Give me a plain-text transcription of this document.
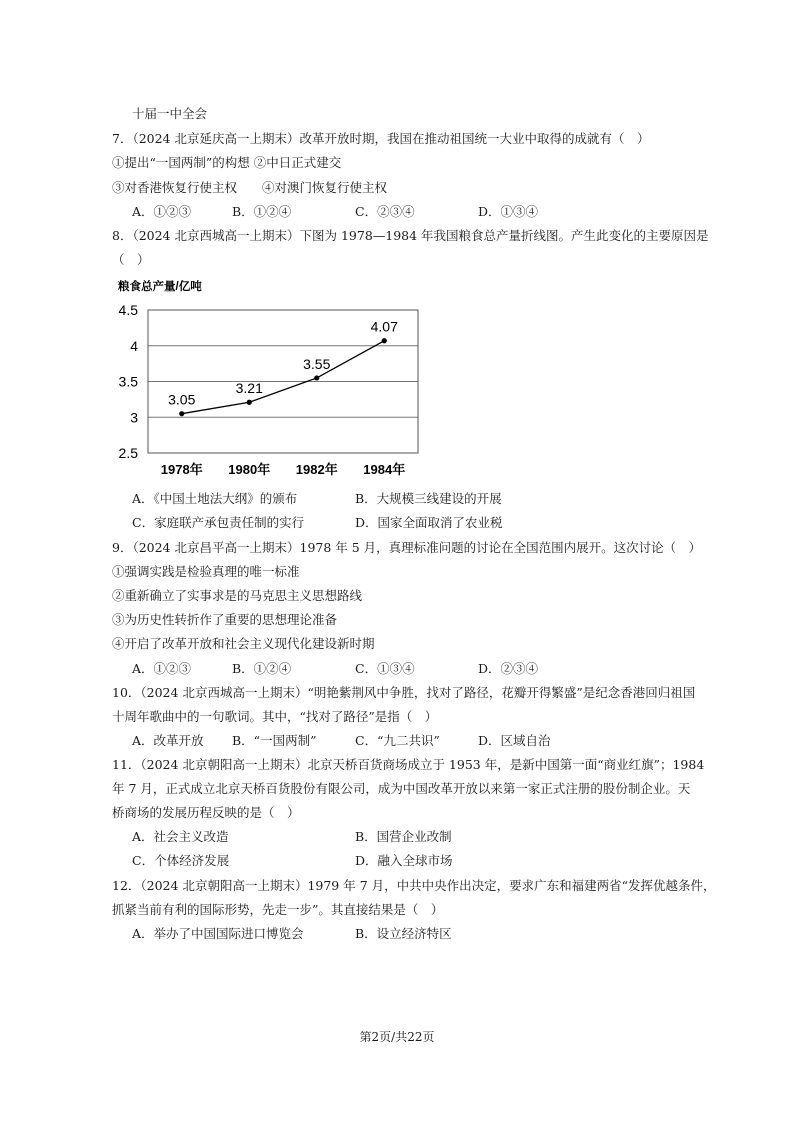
十届一中全会
7．（2024 北京延庆高一上期末）改革开放时期，我国在推动祖国统一大业中取得的成就有（　）
①提出“一国两制”的构想 ②中日正式建交
③对香港恢复行使主权　　④对澳门恢复行使主权
A．①②③	B．①②④	C．②③④	D．①③④
8．（2024 北京西城高一上期末）下图为 1978—1984 年我国粮食总产量折线图。产生此变化的主要原因是
（　）
粮食总产量/亿吨
4.5
4
3.5
3
2.5
1978年 1980年 1982年 1984年
3.05
3.21
3.55
4.07
A．《中国土地法大纲》的颁布	B．大规模三线建设的开展
C．家庭联产承包责任制的实行	D．国家全面取消了农业税
9．（2024 北京昌平高一上期末）1978 年 5 月，真理标准问题的讨论在全国范围内展开。这次讨论（　）
①强调实践是检验真理的唯一标准
②重新确立了实事求是的马克思主义思想路线
③为历史性转折作了重要的思想理论准备
④开启了改革开放和社会主义现代化建设新时期
A．①②③	B．①②④	C．①③④	D．②③④
10．（2024 北京西城高一上期末）“明艳紫荆风中争胜，找对了路径，花瓣开得繁盛”是纪念香港回归祖国
十周年歌曲中的一句歌词。其中，“找对了路径”是指（　）
A．改革开放 B．“一国两制”	C．“九二共识”	D．区域自治
11．（2024 北京朝阳高一上期末）北京天桥百货商场成立于 1953 年，是新中国第一面“商业红旗”；1984
年 7 月，正式成立北京天桥百货股份有限公司，成为中国改革开放以来第一家正式注册的股份制企业。天
桥商场的发展历程反映的是（　）
A．社会主义改造	B．国营企业改制
C．个体经济发展	D．融入全球市场
12．（2024 北京朝阳高一上期末）1979 年 7 月，中共中央作出决定，要求广东和福建两省“发挥优越条件，
抓紧当前有利的国际形势，先走一步”。其直接结果是（　）
A．举办了中国国际进口博览会	B．设立经济特区
第2页/共22页
